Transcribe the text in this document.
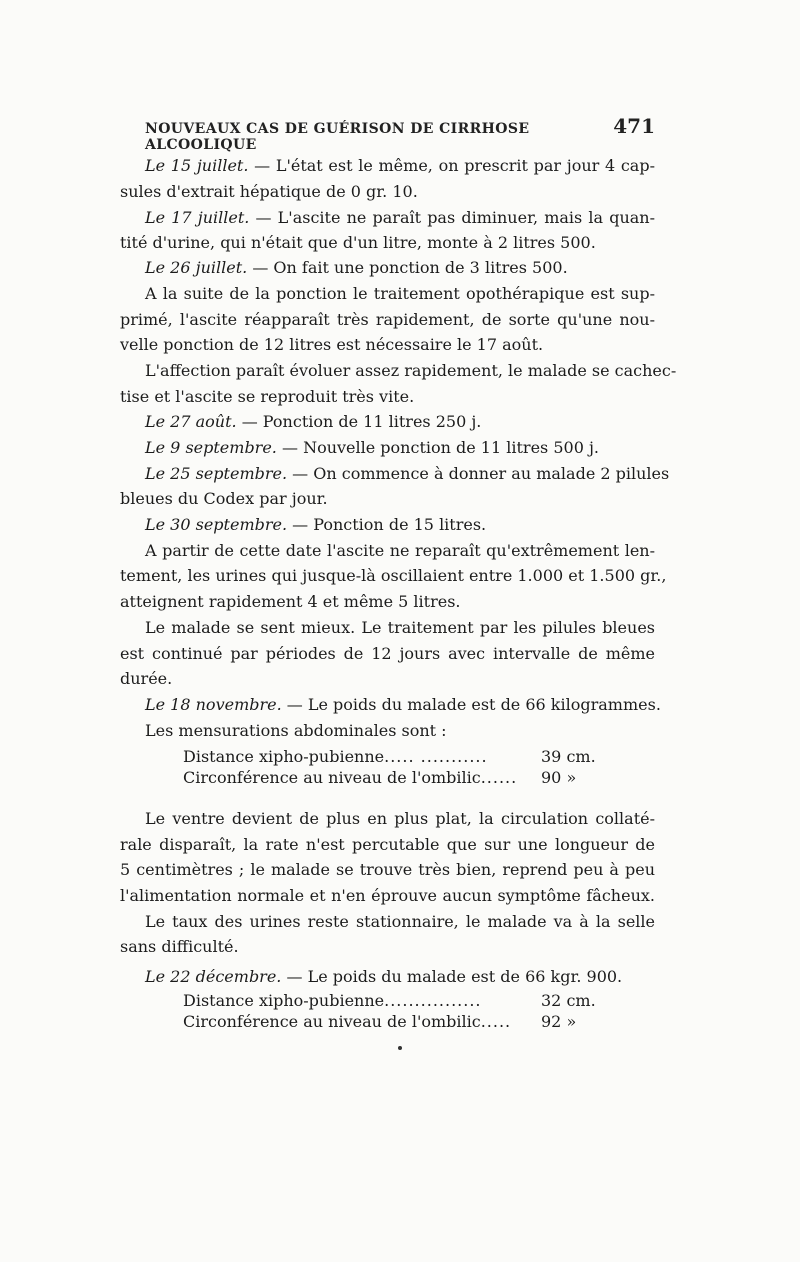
NOUVEAUX CAS DE GUÉRISON DE CIRRHOSE ALCOOLIQUE
471
Le 15 juillet. — L'état est le même, on prescrit par jour 4 cap-
sules d'extrait hépatique de 0 gr. 10.
Le 17 juillet. — L'ascite ne paraît pas diminuer, mais la quan-
tité d'urine, qui n'était que d'un litre, monte à 2 litres 500.
Le 26 juillet. — On fait une ponction de 3 litres 500.
A la suite de la ponction le traitement opothérapique est sup-
primé, l'ascite réapparaît très rapidement, de sorte qu'une nou-
velle ponction de 12 litres est nécessaire le 17 août.
L'affection paraît évoluer assez rapidement, le malade se cachec-
tise et l'ascite se reproduit très vite.
Le 27 août. — Ponction de 11 litres 250 j.
Le 9 septembre. — Nouvelle ponction de 11 litres 500 j.
Le 25 septembre. — On commence à donner au malade 2 pilules
bleues du Codex par jour.
Le 30 septembre. — Ponction de 15 litres.
A partir de cette date l'ascite ne reparaît qu'extrêmement len-
tement, les urines qui jusque-là oscillaient entre 1.000 et 1.500 gr.,
atteignent rapidement 4 et même 5 litres.
Le malade se sent mieux. Le traitement par les pilules bleues
est continué par périodes de 12 jours avec intervalle de même
durée.
Le 18 novembre. — Le poids du malade est de 66 kilogrammes.
Les mensurations abdominales sont :
Le ventre devient de plus en plus plat, la circulation collaté-
rale disparaît, la rate n'est percutable que sur une longueur de
5 centimètres ; le malade se trouve très bien, reprend peu à peu
l'alimentation normale et n'en éprouve aucun symptôme fâcheux.
Le taux des urines reste stationnaire, le malade va à la selle
sans difficulté.
Le 22 décembre. — Le poids du malade est de 66 kgr. 900.
Distance xipho-pubienne ..... ...........	39 cm.
Circonférence au niveau de l'ombilic ......	90 »
Distance xipho-pubienne ................	32 cm.
Circonférence au niveau de l'ombilic .....	92 »
